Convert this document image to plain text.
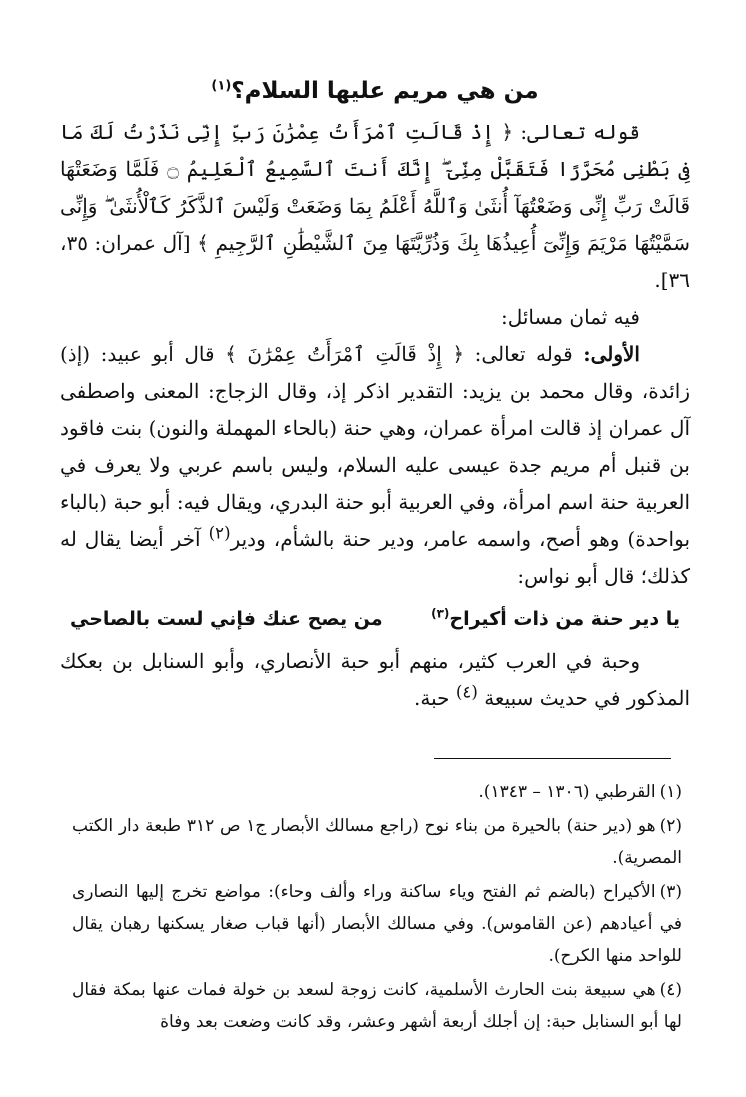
من هي مريم عليها السلام؟$^{(١)}$

قوله تعالى: ﴿ إِذْ قَالَتِ ٱمْرَأَتُ عِمْرَٰنَ رَبِّ إِنِّى نَذَرْتُ لَكَ مَا فِى بَطْنِى مُحَرَّرًا فَتَقَبَّلْ مِنِّىٓ ۖ إِنَّكَ أَنتَ ٱلسَّمِيعُ ٱلْعَلِيمُ ۝ فَلَمَّا وَضَعَتْهَا قَالَتْ رَبِّ إِنِّى وَضَعْتُهَآ أُنثَىٰ وَٱللَّهُ أَعْلَمُ بِمَا وَضَعَتْ وَلَيْسَ ٱلذَّكَرُ كَٱلْأُنثَىٰ ۖ وَإِنِّى سَمَّيْتُهَا مَرْيَمَ وَإِنِّىٓ أُعِيذُهَا بِكَ وَذُرِّيَّتَهَا مِنَ ٱلشَّيْطَٰنِ ٱلرَّجِيمِ ﴾ [آل عمران: ٣٥، ٣٦].

فيه ثمان مسائل:

الأولى: قوله تعالى: ﴿ إِذْ قَالَتِ ٱمْرَأَتُ عِمْرَٰنَ ﴾ قال أبو عبيد: (إذ) زائدة، وقال محمد بن يزيد: التقدير اذكر إذ، وقال الزجاج: المعنى واصطفى آل عمران إذ قالت امرأة عمران، وهي حنة (بالحاء المهملة والنون) بنت فاقود بن قنبل أم مريم جدة عيسى عليه السلام، وليس باسم عربي ولا يعرف في العربية حنة اسم امرأة، وفي العربية أبو حنة البدري، ويقال فيه: أبو حبة (بالباء بواحدة) وهو أصح، واسمه عامر، ودير حنة بالشأم، ودير$^{(٢)}$ آخر أيضا يقال له كذلك؛ قال أبو نواس:

يا دير حنة من ذات أكيراح$^{(٣)}$
من يصح عنك فإني لست بالصاحي

وحبة في العرب كثير، منهم أبو حبة الأنصاري، وأبو السنابل بن بعكك المذكور في حديث سبيعة $^{(٤)}$ حبة.

(١)القرطبي (١٣٠٦ – ١٣٤٣).

(٢)هو (دير حنة) بالحيرة من بناء نوح (راجع مسالك الأبصار ج١ ص ٣١٢ طبعة دار الكتب المصرية).

(٣)الأكيراح (بالضم ثم الفتح وياء ساكنة وراء وألف وحاء): مواضع تخرج إليها النصارى في أعيادهم (عن القاموس). وفي مسالك الأبصار (أنها قباب صغار يسكنها رهبان يقال للواحد منها الكرح).

(٤)هي سبيعة بنت الحارث الأسلمية، كانت زوجة لسعد بن خولة فمات عنها بمكة فقال لها أبو السنابل حبة: إن أجلك أربعة أشهر وعشر، وقد كانت وضعت بعد وفاة
